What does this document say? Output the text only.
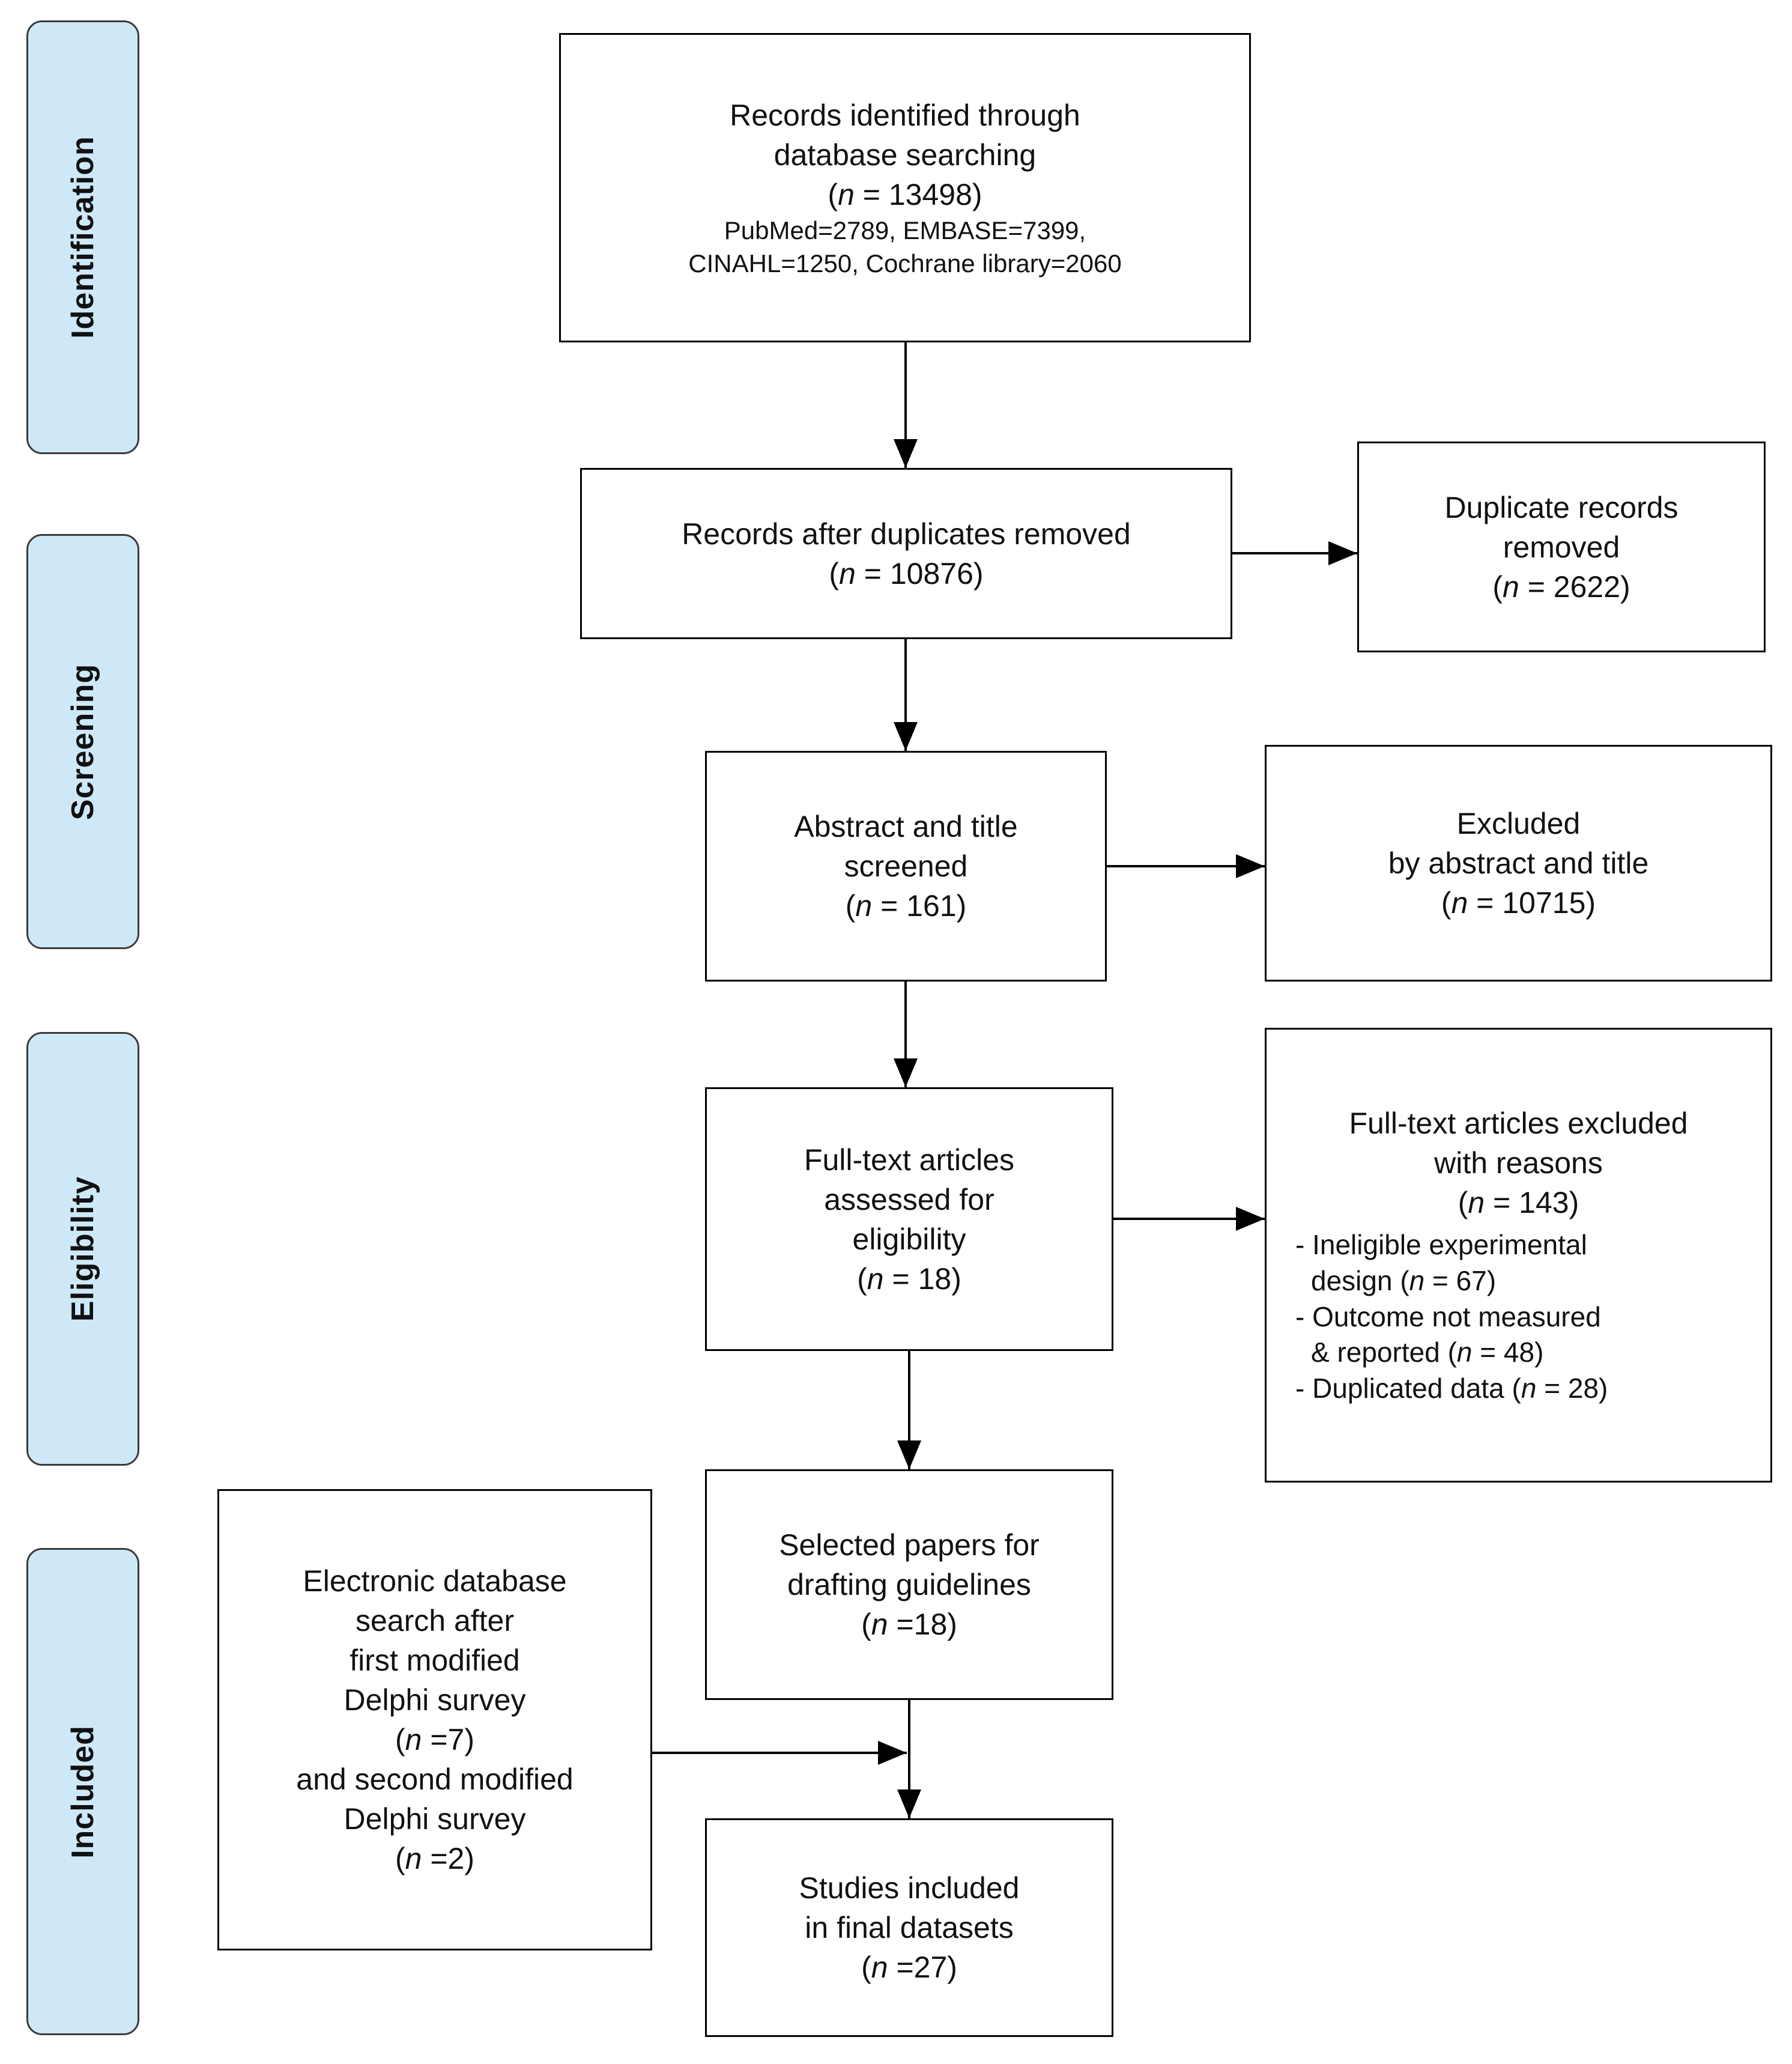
Identification
Screening
Eligibility
Included
Records identified through
database searching
(n = 13498)
PubMed=2789, EMBASE=7399,
CINAHL=1250, Cochrane library=2060
Records after duplicates removed
(n = 10876)
Duplicate records
removed
(n = 2622)
Abstract and title
screened
(n = 161)
Excluded
by abstract and title
(n = 10715)
Full-text articles
assessed for
eligibility
(n = 18)
Full-text articles excluded
with reasons
(n = 143)
- Ineligible experimental
design (n = 67)
- Outcome not measured
& reported (n = 48)
- Duplicated data (n = 28)
Selected papers for
drafting guidelines
(n =18)
Electronic database
search after
first modified
Delphi survey
(n =7)
and second modified
Delphi survey
(n =2)
Studies included
in final datasets
(n =27)
